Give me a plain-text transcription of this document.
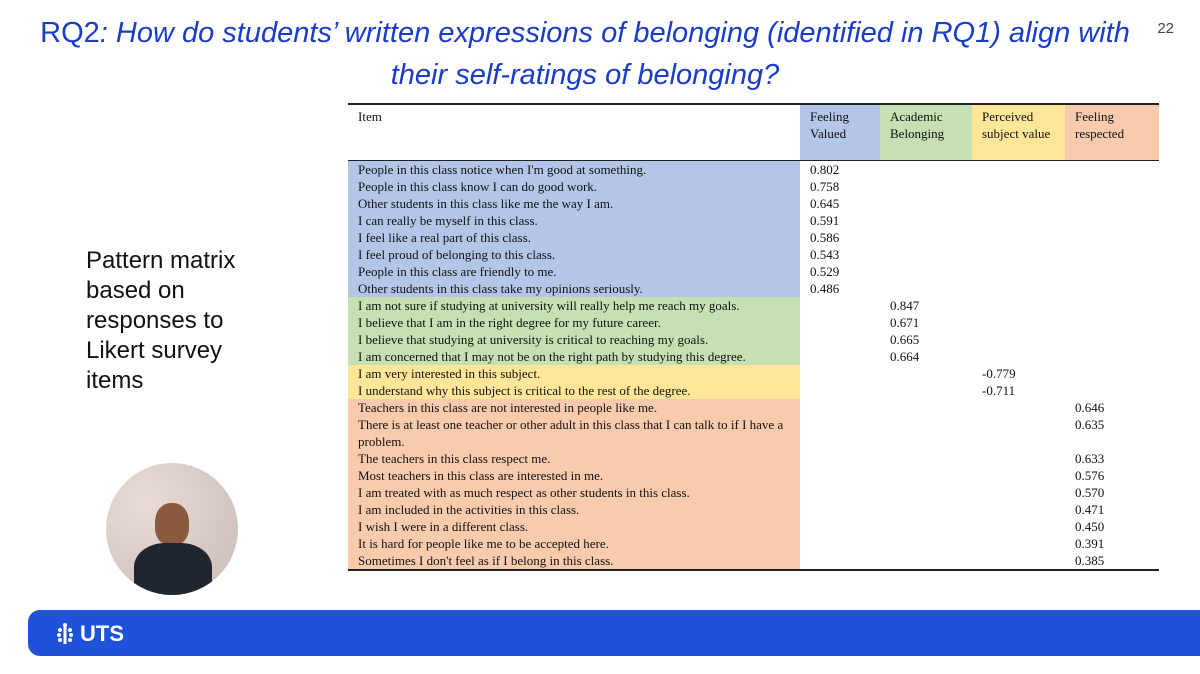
RQ2: How do students’ written expressions of belonging (identified in RQ1) align with their self-ratings of belonging?
22
Pattern matrix based on responses to Likert survey items
Item	Feeling Valued	Academic Belonging	Perceived subject value	Feeling respected
People in this class notice when I'm good at something.	0.802			
People in this class know I can do good work.	0.758			
Other students in this class like me the way I am.	0.645			
I can really be myself in this class.	0.591			
I feel like a real part of this class.	0.586			
I feel proud of belonging to this class.	0.543			
People in this class are friendly to me.	0.529			
Other students in this class take my opinions seriously.	0.486			
I am not sure if studying at university will really help me reach my goals.		0.847		
I believe that I am in the right degree for my future career.		0.671		
I believe that studying at university is critical to reaching my goals.		0.665		
I am concerned that I may not be on the right path by studying this degree.		0.664		
I am very interested in this subject.			-0.779	
I understand why this subject is critical to the rest of the degree.			-0.711	
Teachers in this class are not interested in people like me.				0.646
There is at least one teacher or other adult in this class that I can talk to if I have a problem.				0.635
The teachers in this class respect me.				0.633
Most teachers in this class are interested in me.				0.576
I am treated with as much respect as other students in this class.				0.570
I am included in the activities in this class.				0.471
I wish I were in a different class.				0.450
It is hard for people like me to be accepted here.				0.391
Sometimes I don't feel as if I belong in this class.				0.385
UTS
